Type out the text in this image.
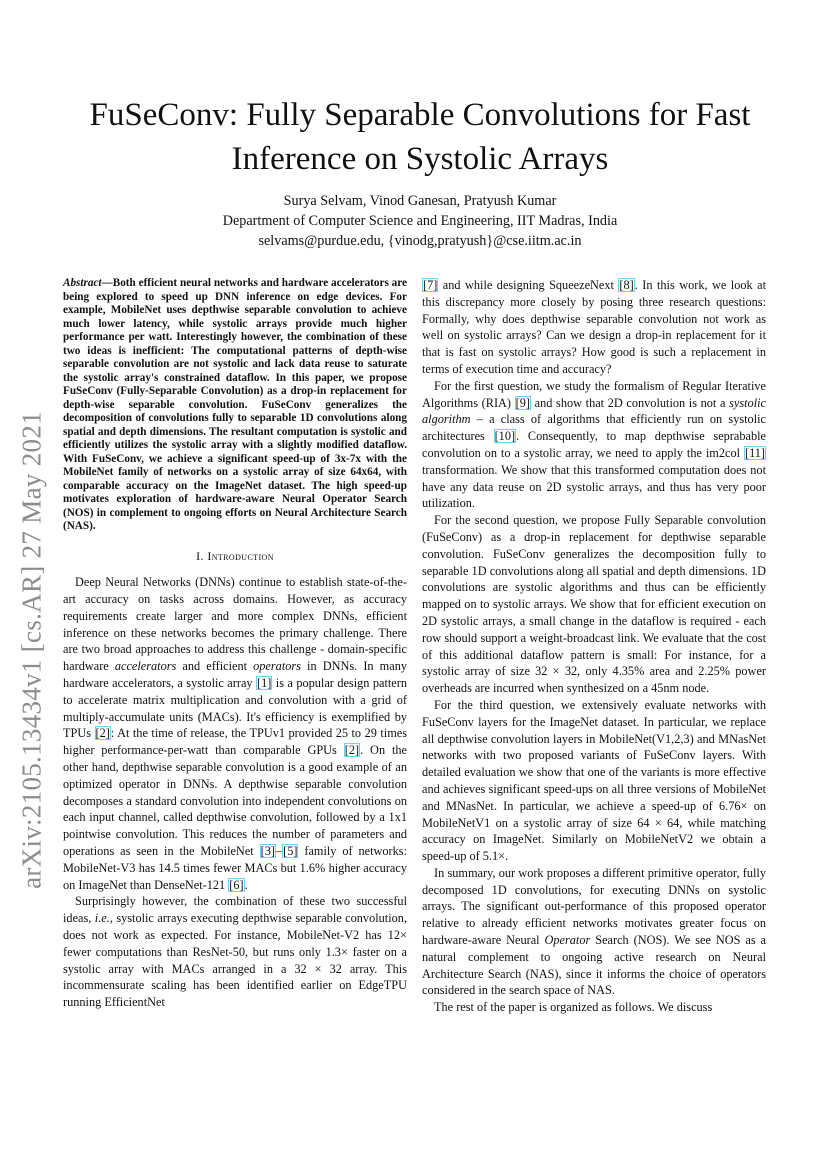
arXiv:2105.13434v1 [cs.AR] 27 May 2021
FuSeConv: Fully Separable Convolutions for Fast
Inference on Systolic Arrays
Surya Selvam, Vinod Ganesan, Pratyush Kumar
Department of Computer Science and Engineering, IIT Madras, India
selvams@purdue.edu, {vinodg,pratyush}@cse.iitm.ac.in

Abstract—Both efficient neural networks and hardware accelerators are being explored to speed up DNN inference on edge devices. For example, MobileNet uses depthwise separable convolution to achieve much lower latency, while systolic arrays provide much higher performance per watt. Interestingly however, the combination of these two ideas is inefficient: The computational patterns of depth-wise separable convolution are not systolic and lack data reuse to saturate the systolic array's constrained dataflow. In this paper, we propose FuSeConv (Fully-Separable Convolution) as a drop-in replacement for depth-wise separable convolution. FuSeConv generalizes the decomposition of convolutions fully to separable 1D convolutions along spatial and depth dimensions. The resultant computation is systolic and efficiently utilizes the systolic array with a slightly modified dataflow. With FuSeConv, we achieve a significant speed-up of 3x-7x with the MobileNet family of networks on a systolic array of size 64x64, with comparable accuracy on the ImageNet dataset. The high speed-up motivates exploration of hardware-aware Neural Operator Search (NOS) in complement to ongoing efforts on Neural Architecture Search (NAS).

I. Introduction

Deep Neural Networks (DNNs) continue to establish state-of-the-art accuracy on tasks across domains. However, as accuracy requirements create larger and more complex DNNs, efficient inference on these networks becomes the primary challenge. There are two broad approaches to address this challenge - domain-specific hardware accelerators and efficient operators in DNNs. In many hardware accelerators, a systolic array [1] is a popular design pattern to accelerate matrix multiplication and convolution with a grid of multiply-accumulate units (MACs). It's efficiency is exemplified by TPUs [2]: At the time of release, the TPUv1 provided 25 to 29 times higher performance-per-watt than comparable GPUs [2]. On the other hand, depthwise separable convolution is a good example of an optimized operator in DNNs. A depthwise separable convolution decomposes a standard convolution into independent convolutions on each input channel, called depthwise convolution, followed by a 1x1 pointwise convolution. This reduces the number of parameters and operations as seen in the MobileNet [3]–[5] family of networks: MobileNet-V3 has 14.5 times fewer MACs but 1.6% higher accuracy on ImageNet than DenseNet-121 [6].

Surprisingly however, the combination of these two successful ideas, i.e., systolic arrays executing depthwise separable convolution, does not work as expected. For instance, MobileNet-V2 has 12× fewer computations than ResNet-50, but runs only 1.3× faster on a systolic array with MACs arranged in a 32 × 32 array. This incommensurate scaling has been identified earlier on EdgeTPU running EfficientNet

[7] and while designing SqueezeNext [8]. In this work, we look at this discrepancy more closely by posing three research questions: Formally, why does depthwise separable convolution not work as well on systolic arrays? Can we design a drop-in replacement for it that is fast on systolic arrays? How good is such a replacement in terms of execution time and accuracy?

For the first question, we study the formalism of Regular Iterative Algorithms (RIA) [9] and show that 2D convolution is not a systolic algorithm – a class of algorithms that efficiently run on systolic architectures [10]. Consequently, to map depthwise seprabable convolution on to a systolic array, we need to apply the im2col [11] transformation. We show that this transformed computation does not have any data reuse on 2D systolic arrays, and thus has very poor utilization.

For the second question, we propose Fully Separable convolution (FuSeConv) as a drop-in replacement for depthwise separable convolution. FuSeConv generalizes the decomposition fully to separable 1D convolutions along all spatial and depth dimensions. 1D convolutions are systolic algorithms and thus can be efficiently mapped on to systolic arrays. We show that for efficient execution on 2D systolic arrays, a small change in the dataflow is required - each row should support a weight-broadcast link. We evaluate that the cost of this additional dataflow pattern is small: For instance, for a systolic array of size 32 × 32, only 4.35% area and 2.25% power overheads are incurred when synthesized on a 45nm node.

For the third question, we extensively evaluate networks with FuSeConv layers for the ImageNet dataset. In particular, we replace all depthwise convolution layers in MobileNet(V1,2,3) and MNasNet networks with two proposed variants of FuSeConv layers. With detailed evaluation we show that one of the variants is more effective and achieves significant speed-ups on all three versions of MobileNet and MNasNet. In particular, we achieve a speed-up of 6.76× on MobileNetV1 on a systolic array of size 64 × 64, while matching accuracy on ImageNet. Similarly on MobileNetV2 we obtain a speed-up of 5.1×.

In summary, our work proposes a different primitive operator, fully decomposed 1D convolutions, for executing DNNs on systolic arrays. The significant out-performance of this proposed operator relative to already efficient networks motivates greater focus on hardware-aware Neural Operator Search (NOS). We see NOS as a natural complement to ongoing active research on Neural Architecture Search (NAS), since it informs the choice of operators considered in the search space of NAS.

The rest of the paper is organized as follows. We discuss
